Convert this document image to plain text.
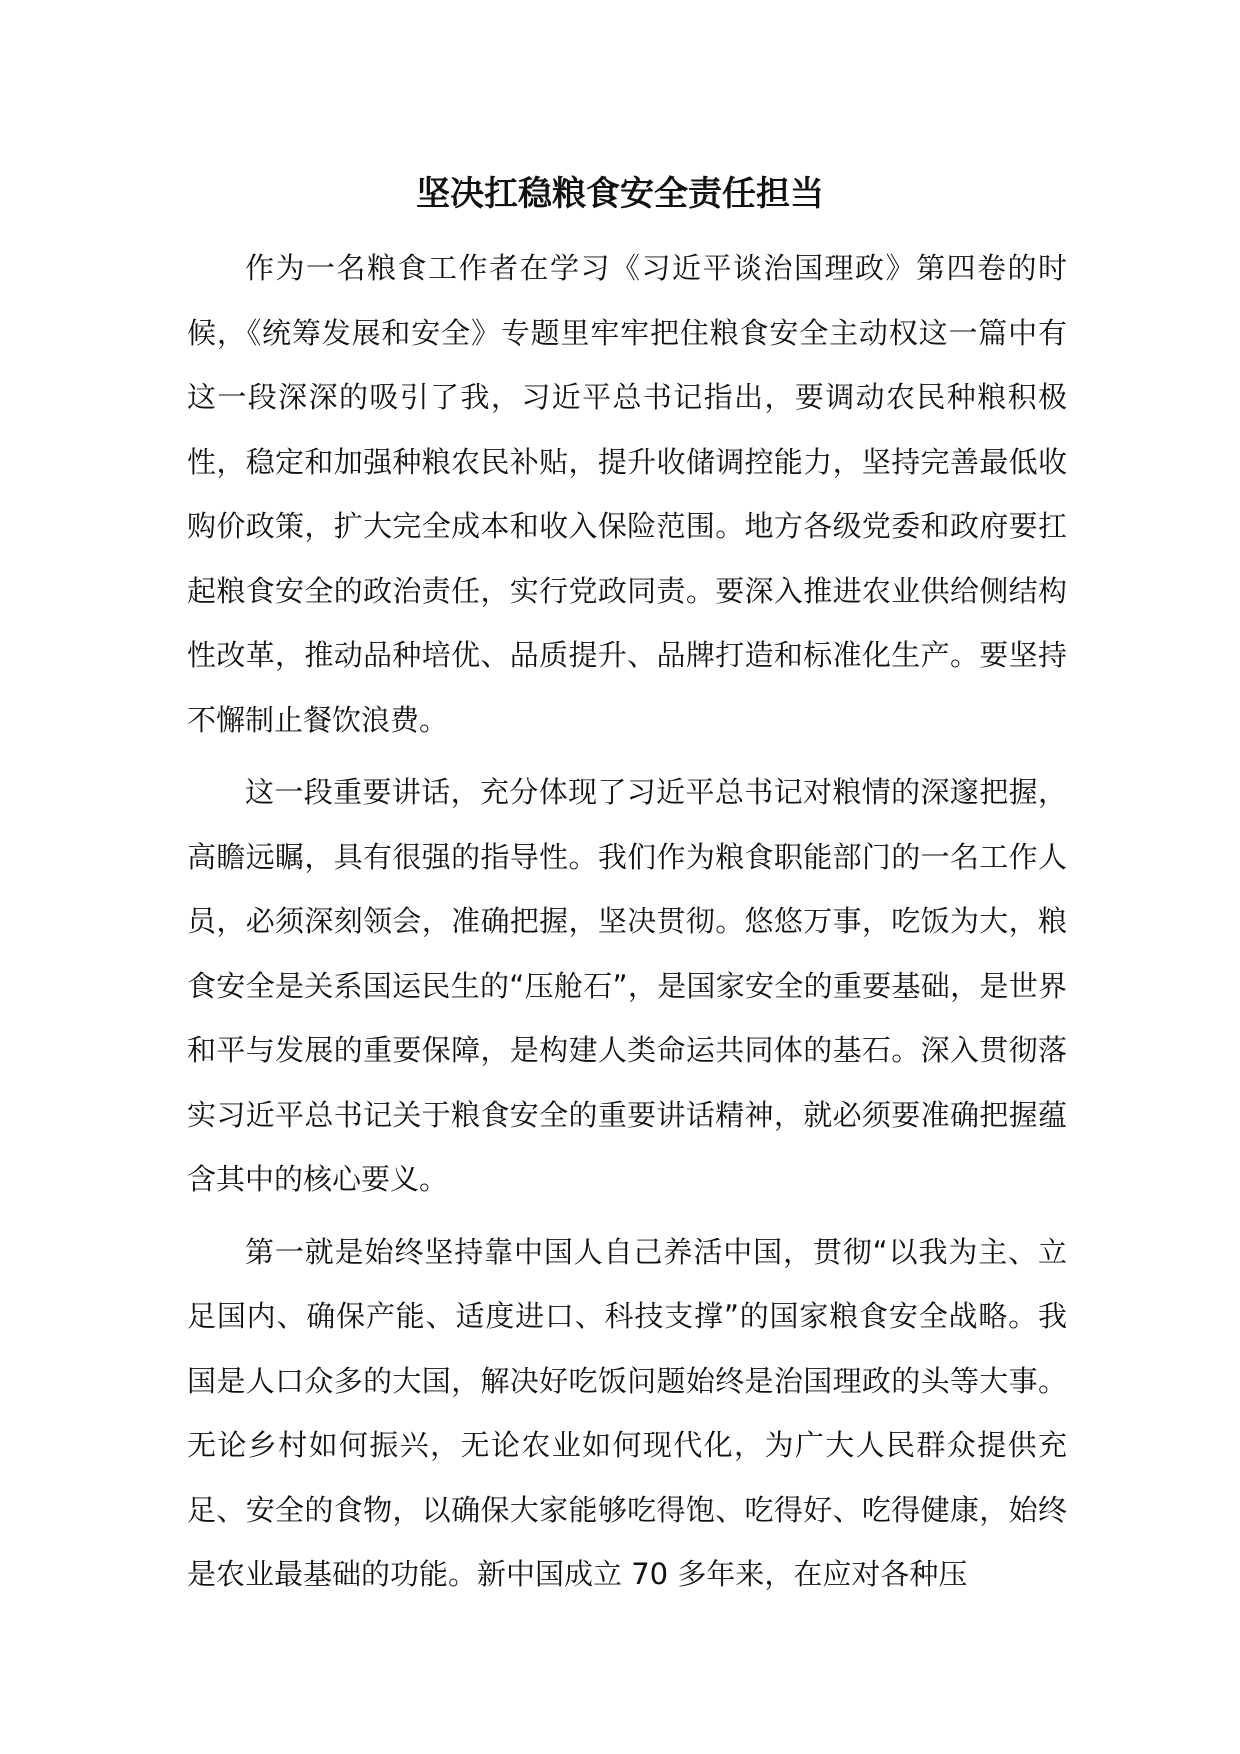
坚决扛稳粮食安全责任担当

作为一名粮食工作者在学习《习近平谈治国理政》第四卷的时候，《统筹发展和安全》专题里牢牢把住粮食安全主动权这一篇中有这一段深深的吸引了我，习近平总书记指出，要调动农民种粮积极性，稳定和加强种粮农民补贴，提升收储调控能力，坚持完善最低收购价政策，扩大完全成本和收入保险范围。地方各级党委和政府要扛起粮食安全的政治责任，实行党政同责。要深入推进农业供给侧结构性改革，推动品种培优、品质提升、品牌打造和标准化生产。要坚持不懈制止餐饮浪费。

这一段重要讲话，充分体现了习近平总书记对粮情的深邃把握，高瞻远瞩，具有很强的指导性。我们作为粮食职能部门的一名工作人员，必须深刻领会，准确把握，坚决贯彻。悠悠万事，吃饭为大，粮食安全是关系国运民生的“压舱石”，是国家安全的重要基础，是世界和平与发展的重要保障，是构建人类命运共同体的基石。深入贯彻落实习近平总书记关于粮食安全的重要讲话精神，就必须要准确把握蕴含其中的核心要义。

第一就是始终坚持靠中国人自己养活中国，贯彻“以我为主、立足国内、确保产能、适度进口、科技支撑”的国家粮食安全战略。我国是人口众多的大国，解决好吃饭问题始终是治国理政的头等大事。无论乡村如何振兴，无论农业如何现代化，为广大人民群众提供充足、安全的食物，以确保大家能够吃得饱、吃得好、吃得健康，始终是农业最基础的功能。新中国成立 70 多年来，在应对各种压
